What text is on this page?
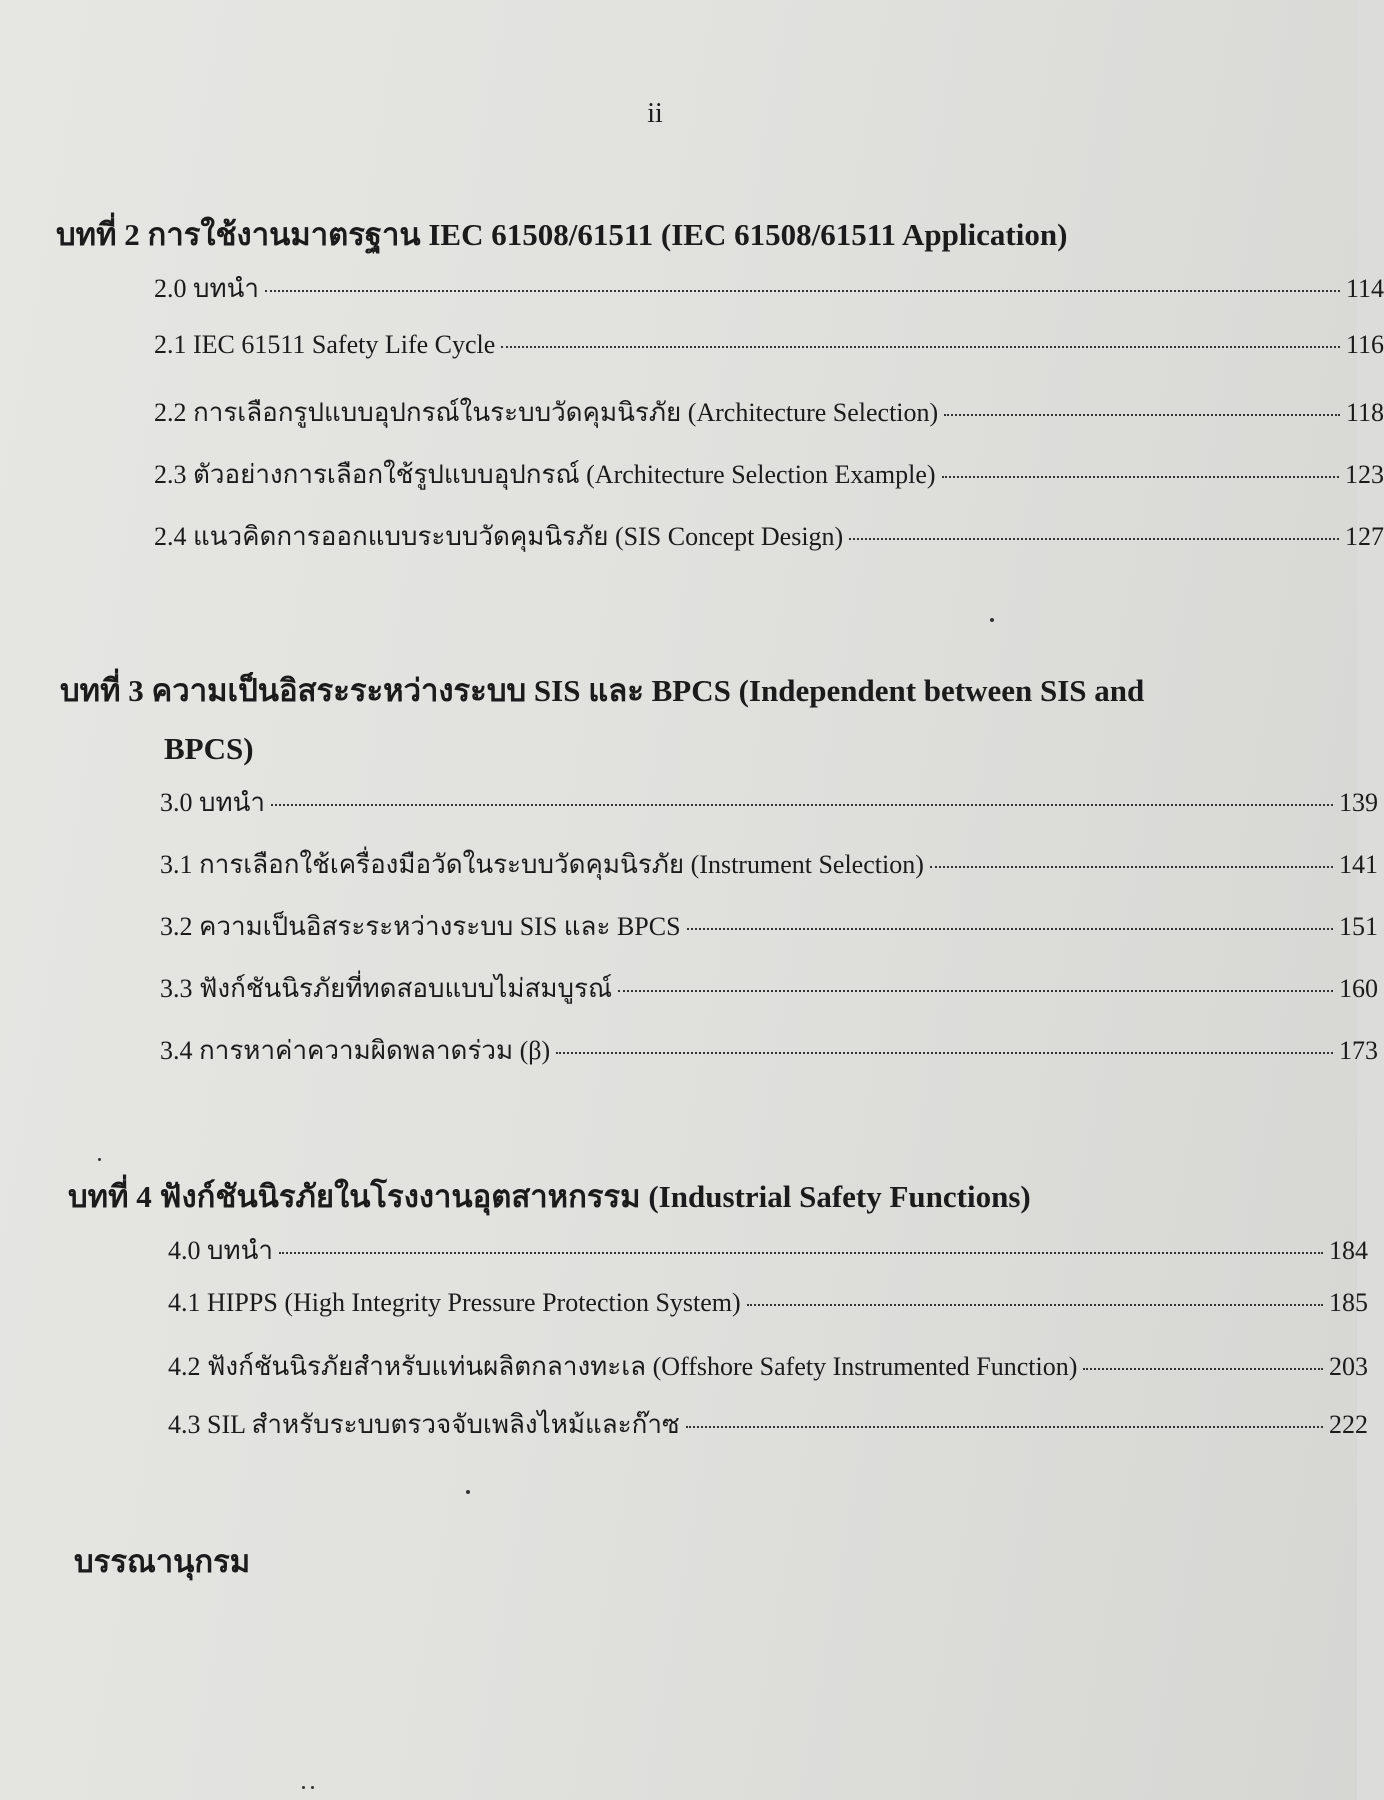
ii
บทที่ 2 การใช้งานมาตรฐาน IEC 61508/61511 (IEC 61508/61511 Application)
2.0 บทนำ	114
2.1 IEC 61511 Safety Life Cycle	116
2.2 การเลือกรูปแบบอุปกรณ์ในระบบวัดคุมนิรภัย (Architecture Selection)	118
2.3 ตัวอย่างการเลือกใช้รูปแบบอุปกรณ์ (Architecture Selection Example)	123
2.4 แนวคิดการออกแบบระบบวัดคุมนิรภัย (SIS Concept Design)	127
บทที่ 3 ความเป็นอิสระระหว่างระบบ SIS และ BPCS (Independent between SIS and
BPCS)
3.0 บทนำ	139
3.1 การเลือกใช้เครื่องมือวัดในระบบวัดคุมนิรภัย (Instrument Selection)	141
3.2 ความเป็นอิสระระหว่างระบบ SIS และ BPCS	151
3.3 ฟังก์ชันนิรภัยที่ทดสอบแบบไม่สมบูรณ์	160
3.4 การหาค่าความผิดพลาดร่วม (β)	173
บทที่ 4 ฟังก์ชันนิรภัยในโรงงานอุตสาหกรรม (Industrial Safety Functions)
4.0 บทนำ	184
4.1 HIPPS (High Integrity Pressure Protection System)	185
4.2 ฟังก์ชันนิรภัยสำหรับแท่นผลิตกลางทะเล (Offshore Safety Instrumented Function)	203
4.3 SIL สำหรับระบบตรวจจับเพลิงไหม้และก๊าซ	222
บรรณานุกรม
